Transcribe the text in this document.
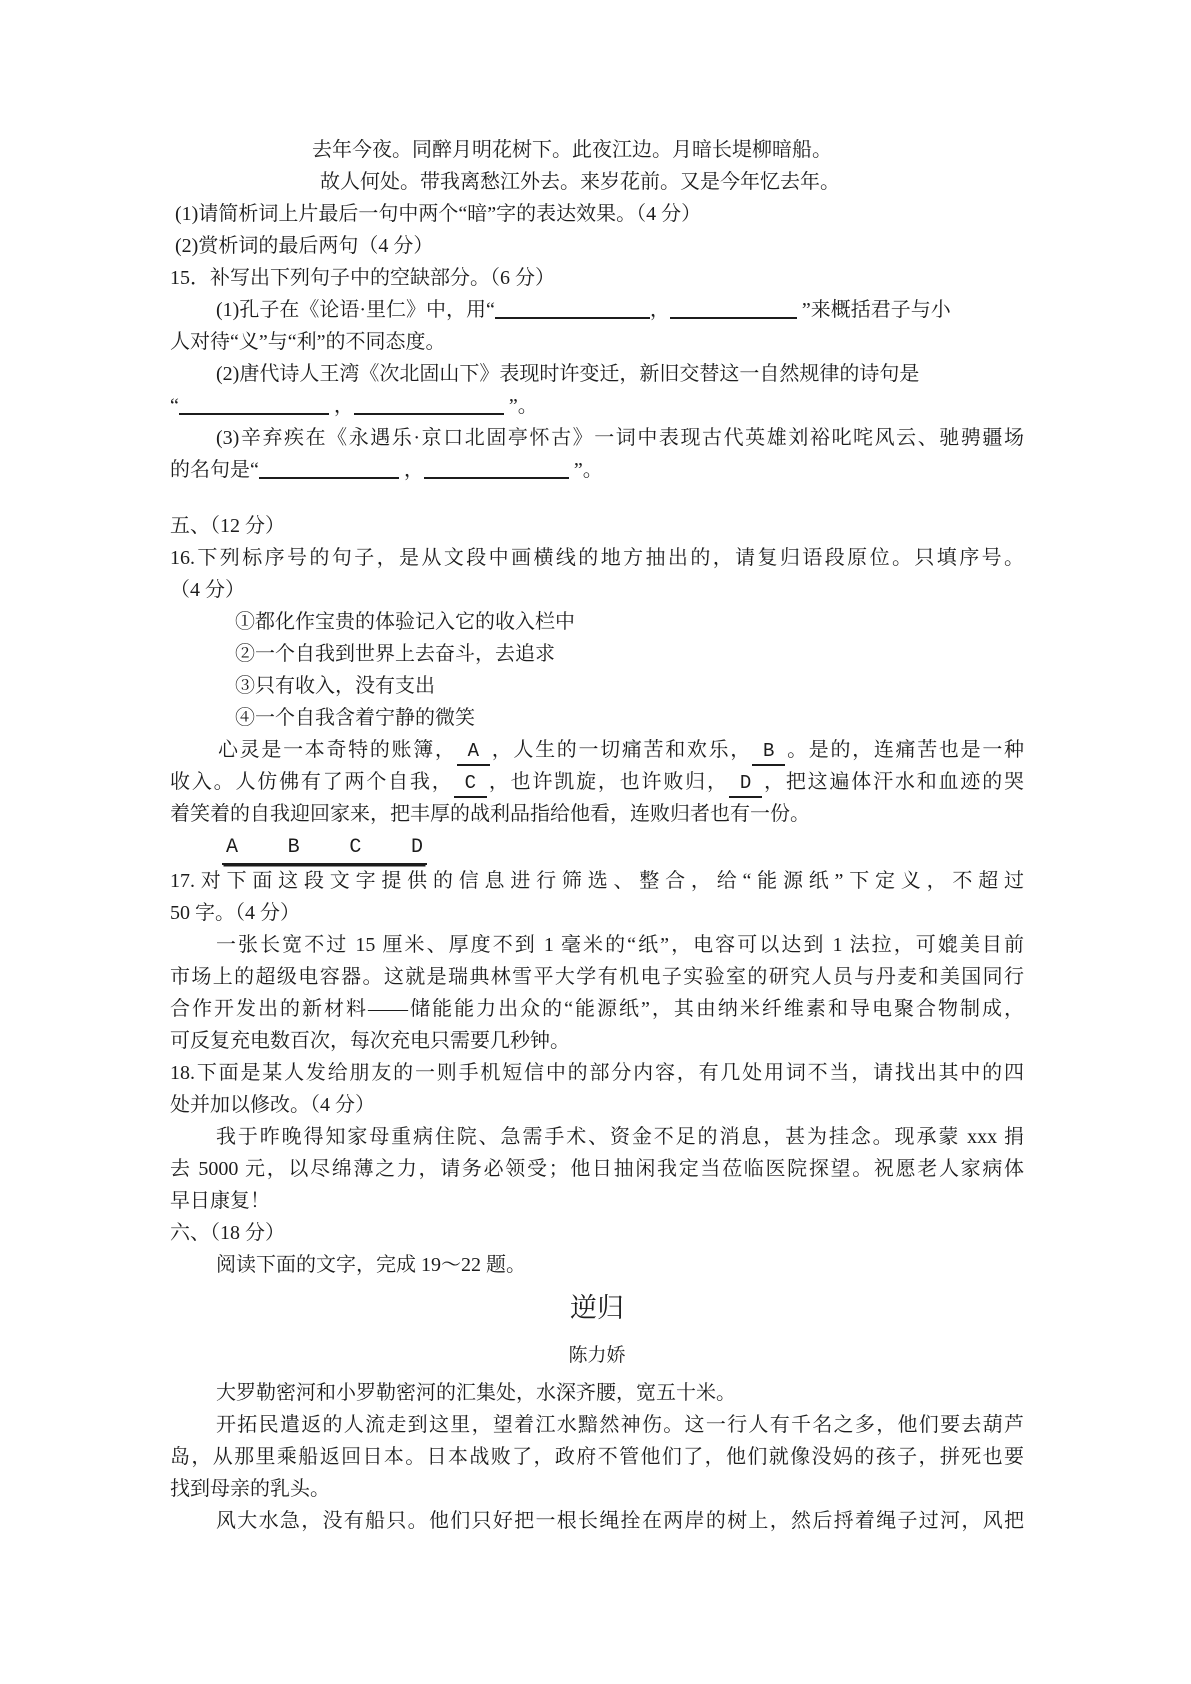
去年今夜。同醉月明花树下。此夜江边。月暗长堤柳暗船。
故人何处。带我离愁江外去。来岁花前。又是今年忆去年。
(1)请简析词上片最后一句中两个“暗”字的表达效果。（4 分）
(2)赏析词的最后两句（4 分）
15．补写出下列句子中的空缺部分。（6 分）
(1)孔子在《论语·里仁》中，用“	，	”来概括君子与小
人对待“义”与“利”的不同态度。
(2)唐代诗人王湾《次北固山下》表现时许变迁，新旧交替这一自然规律的诗句是
“	，	”。
(3)辛弃疾在《永遇乐·京口北固亭怀古》一词中表现古代英雄刘裕叱咤风云、驰骋疆场
的名句是“	，	”。
五、（12 分）
16.下列标序号的句子，是从文段中画横线的地方抽出的，请复归语段原位。只填序号。
（4 分）
①都化作宝贵的体验记入它的收入栏中
②一个自我到世界上去奋斗，去追求
③只有收入，没有支出
④一个自我含着宁静的微笑
心灵是一本奇特的账簿， A ，人生的一切痛苦和欢乐， B 。是的，连痛苦也是一种
收入。人仿佛有了两个自我， C ，也许凯旋，也许败归， D ，把这遍体汗水和血迹的哭
着笑着的自我迎回家来，把丰厚的战利品指给他看，连败归者也有一份。
A B C D
17.对下面这段文字提供的信息进行筛选、整合，给“能源纸”下定义，不超过
50 字。（4 分）
一张长宽不过 15 厘米、厚度不到 1 毫米的“纸”，电容可以达到 1 法拉，可媲美目前
市场上的超级电容器。这就是瑞典林雪平大学有机电子实验室的研究人员与丹麦和美国同行
合作开发出的新材料——储能能力出众的“能源纸”，其由纳米纤维素和导电聚合物制成，
可反复充电数百次，每次充电只需要几秒钟。
18.下面是某人发给朋友的一则手机短信中的部分内容，有几处用词不当，请找出其中的四
处并加以修改。（4 分）
我于昨晚得知家母重病住院、急需手术、资金不足的消息，甚为挂念。现承蒙 xxx 捐
去 5000 元，以尽绵薄之力，请务必领受；他日抽闲我定当莅临医院探望。祝愿老人家病体
早日康复！
六、（18 分）
阅读下面的文字，完成 19～22 题。
逆归
陈力娇
大罗勒密河和小罗勒密河的汇集处，水深齐腰，宽五十米。
开拓民遣返的人流走到这里，望着江水黯然神伤。这一行人有千名之多，他们要去葫芦
岛，从那里乘船返回日本。日本战败了，政府不管他们了，他们就像没妈的孩子，拼死也要
找到母亲的乳头。
风大水急，没有船只。他们只好把一根长绳拴在两岸的树上，然后捋着绳子过河，风把
